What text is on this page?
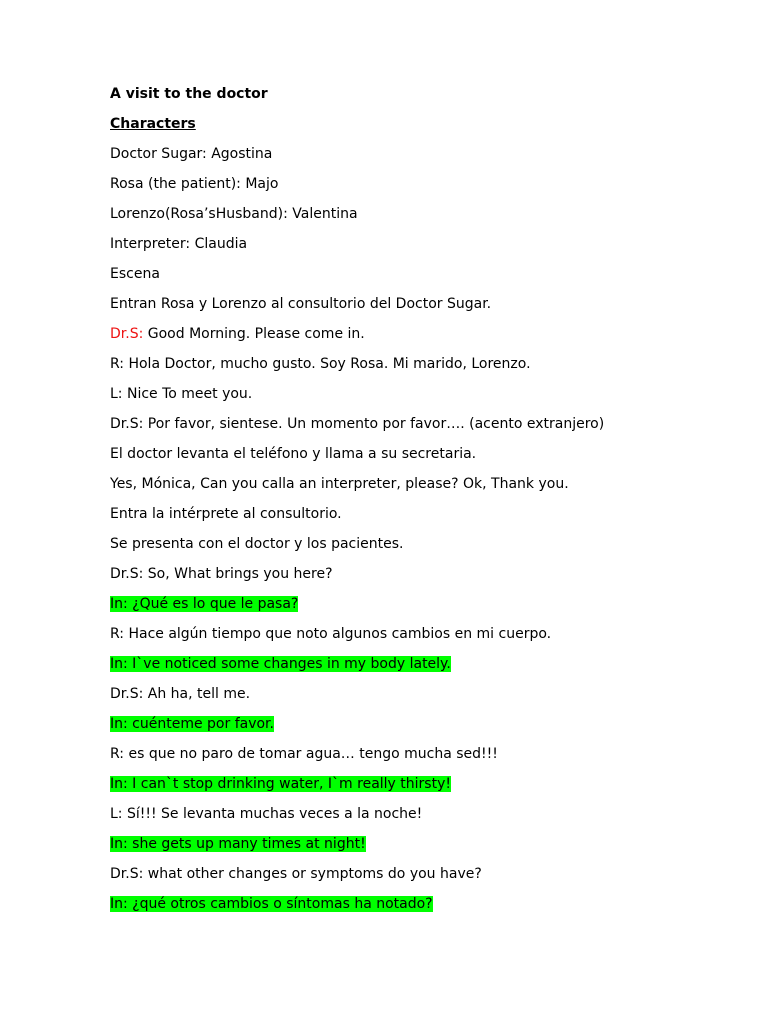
A visit to the doctor
Characters
Doctor Sugar: Agostina
Rosa (the patient): Majo
Lorenzo(Rosa’sHusband): Valentina
Interpreter: Claudia
Escena
Entran Rosa y Lorenzo al consultorio del Doctor Sugar.
Dr.S: Good Morning. Please come in.
R: Hola Doctor, mucho gusto. Soy Rosa. Mi marido, Lorenzo.
L: Nice To meet you.
Dr.S: Por favor, sientese. Un momento por favor…. (acento extranjero)
El doctor levanta el teléfono y llama a su secretaria.
Yes, Mónica, Can you calla an interpreter, please? Ok, Thank you.
Entra la intérprete al consultorio.
Se presenta con el doctor y los pacientes.
Dr.S: So, What brings you here?
In: ¿Qué es lo que le pasa?
R: Hace algún tiempo que noto algunos cambios en mi cuerpo.
In: I`ve noticed some changes in my body lately.
Dr.S: Ah ha, tell me.
In: cuénteme por favor.
R: es que no paro de tomar agua… tengo mucha sed!!!
In: I can`t stop drinking water, I`m really thirsty!
L: Sí!!! Se levanta muchas veces a la noche!
In: she gets up many times at night!
Dr.S: what other changes or symptoms do you have?
In: ¿qué otros cambios o síntomas ha notado?
